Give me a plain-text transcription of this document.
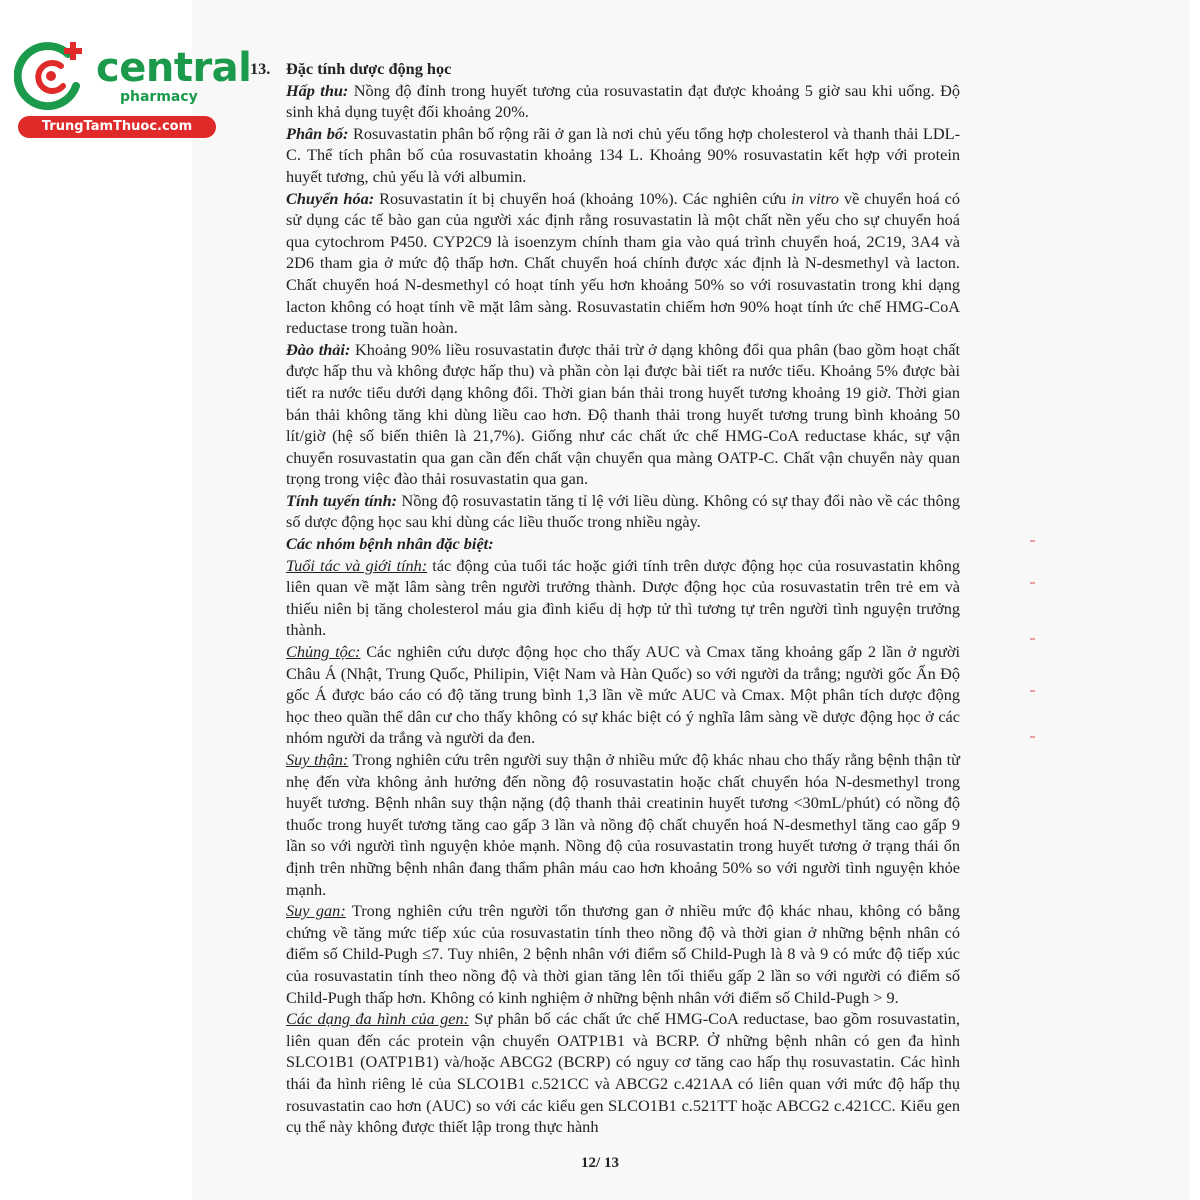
central
pharmacy
TrungTamThuoc.com

13. Đặc tính dược động học

Hấp thu: Nồng độ đỉnh trong huyết tương của rosuvastatin đạt được khoảng 5 giờ sau khi uống. Độ sinh khả dụng tuyệt đối khoảng 20%.

Phân bố: Rosuvastatin phân bố rộng rãi ở gan là nơi chủ yếu tổng hợp cholesterol và thanh thải LDL-C. Thể tích phân bố của rosuvastatin khoảng 134 L. Khoảng 90% rosuvastatin kết hợp với protein huyết tương, chủ yếu là với albumin.

Chuyển hóa: Rosuvastatin ít bị chuyển hoá (khoảng 10%). Các nghiên cứu in vitro về chuyển hoá có sử dụng các tế bào gan của người xác định rằng rosuvastatin là một chất nền yếu cho sự chuyển hoá qua cytochrom P450. CYP2C9 là isoenzym chính tham gia vào quá trình chuyển hoá, 2C19, 3A4 và 2D6 tham gia ở mức độ thấp hơn. Chất chuyển hoá chính được xác định là N-desmethyl và lacton. Chất chuyển hoá N-desmethyl có hoạt tính yếu hơn khoảng 50% so với rosuvastatin trong khi dạng lacton không có hoạt tính về mặt lâm sàng. Rosuvastatin chiếm hơn 90% hoạt tính ức chế HMG-CoA reductase trong tuần hoàn.

Đào thải: Khoảng 90% liều rosuvastatin được thải trừ ở dạng không đổi qua phân (bao gồm hoạt chất được hấp thu và không được hấp thu) và phần còn lại được bài tiết ra nước tiểu. Khoảng 5% được bài tiết ra nước tiểu dưới dạng không đổi. Thời gian bán thải trong huyết tương khoảng 19 giờ. Thời gian bán thải không tăng khi dùng liều cao hơn. Độ thanh thải trong huyết tương trung bình khoảng 50 lít/giờ (hệ số biến thiên là 21,7%). Giống như các chất ức chế HMG-CoA reductase khác, sự vận chuyển rosuvastatin qua gan cần đến chất vận chuyển qua màng OATP-C. Chất vận chuyển này quan trọng trong việc đào thải rosuvastatin qua gan.

Tính tuyến tính: Nồng độ rosuvastatin tăng tỉ lệ với liều dùng. Không có sự thay đổi nào về các thông số dược động học sau khi dùng các liều thuốc trong nhiều ngày.

Các nhóm bệnh nhân đặc biệt:

Tuổi tác và giới tính: tác động của tuổi tác hoặc giới tính trên dược động học của rosuvastatin không liên quan về mặt lâm sàng trên người trưởng thành. Dược động học của rosuvastatin trên trẻ em và thiếu niên bị tăng cholesterol máu gia đình kiểu dị hợp tử thì tương tự trên người tình nguyện trưởng thành.

Chủng tộc: Các nghiên cứu dược động học cho thấy AUC và Cmax tăng khoảng gấp 2 lần ở người Châu Á (Nhật, Trung Quốc, Philipin, Việt Nam và Hàn Quốc) so với người da trắng; người gốc Ấn Độ gốc Á được báo cáo có độ tăng trung bình 1,3 lần về mức AUC và Cmax. Một phân tích dược động học theo quần thể dân cư cho thấy không có sự khác biệt có ý nghĩa lâm sàng về dược động học ở các nhóm người da trắng và người da đen.

Suy thận: Trong nghiên cứu trên người suy thận ở nhiều mức độ khác nhau cho thấy rằng bệnh thận từ nhẹ đến vừa không ảnh hưởng đến nồng độ rosuvastatin hoặc chất chuyển hóa N-desmethyl trong huyết tương. Bệnh nhân suy thận nặng (độ thanh thải creatinin huyết tương <30mL/phút) có nồng độ thuốc trong huyết tương tăng cao gấp 3 lần và nồng độ chất chuyển hoá N-desmethyl tăng cao gấp 9 lần so với người tình nguyện khỏe mạnh. Nồng độ của rosuvastatin trong huyết tương ở trạng thái ổn định trên những bệnh nhân đang thẩm phân máu cao hơn khoảng 50% so với người tình nguyện khỏe mạnh.

Suy gan: Trong nghiên cứu trên người tổn thương gan ở nhiều mức độ khác nhau, không có bằng chứng về tăng mức tiếp xúc của rosuvastatin tính theo nồng độ và thời gian ở những bệnh nhân có điểm số Child-Pugh ≤7. Tuy nhiên, 2 bệnh nhân với điểm số Child-Pugh là 8 và 9 có mức độ tiếp xúc của rosuvastatin tính theo nồng độ và thời gian tăng lên tối thiểu gấp 2 lần so với người có điểm số Child-Pugh thấp hơn. Không có kinh nghiệm ở những bệnh nhân với điểm số Child-Pugh > 9.

Các dạng đa hình của gen: Sự phân bố các chất ức chế HMG-CoA reductase, bao gồm rosuvastatin, liên quan đến các protein vận chuyển OATP1B1 và BCRP. Ở những bệnh nhân có gen đa hình SLCO1B1 (OATP1B1) và/hoặc ABCG2 (BCRP) có nguy cơ tăng cao hấp thụ rosuvastatin. Các hình thái đa hình riêng lẻ của SLCO1B1 c.521CC và ABCG2 c.421AA có liên quan với mức độ hấp thụ rosuvastatin cao hơn (AUC) so với các kiểu gen SLCO1B1 c.521TT hoặc ABCG2 c.421CC. Kiểu gen cụ thể này không được thiết lập trong thực hành

12/ 13
